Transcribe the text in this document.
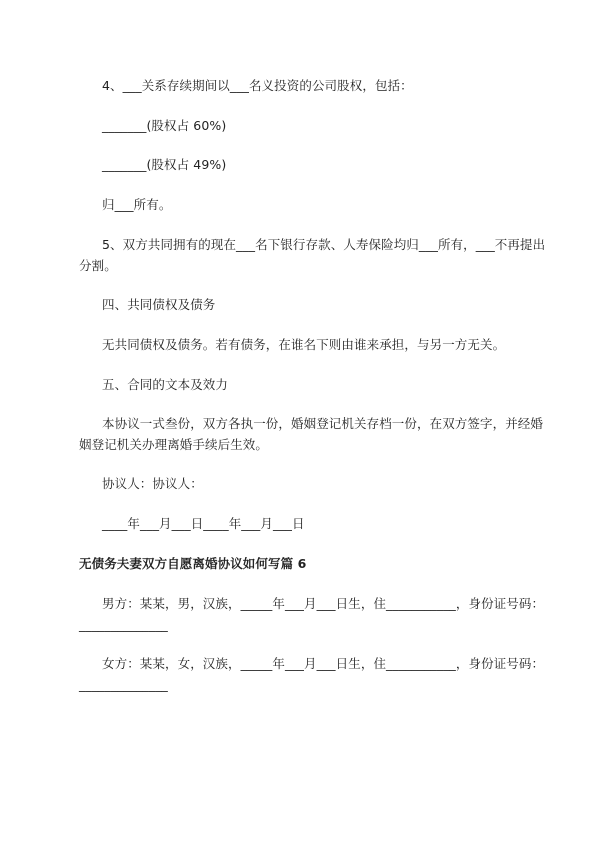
4、___关系存续期间以___名义投资的公司股权，包括：
_______(股权占 60%)
_______(股权占 49%)
归___所有。
5、双方共同拥有的现在___名下银行存款、人寿保险均归___所有，___不再提出
分割。
四、共同债权及债务
无共同债权及债务。若有债务，在谁名下则由谁来承担，与另一方无关。
五、合同的文本及效力
本协议一式叁份，双方各执一份，婚姻登记机关存档一份，在双方签字，并经婚
姻登记机关办理离婚手续后生效。
协议人：协议人：
____年___月___日____年___月___日
无债务夫妻双方自愿离婚协议如何写篇 6
男方：某某，男，汉族，_____年___月___日生，住___________，身份证号码：
______________
女方：某某，女，汉族，_____年___月___日生，住___________，身份证号码：
______________
